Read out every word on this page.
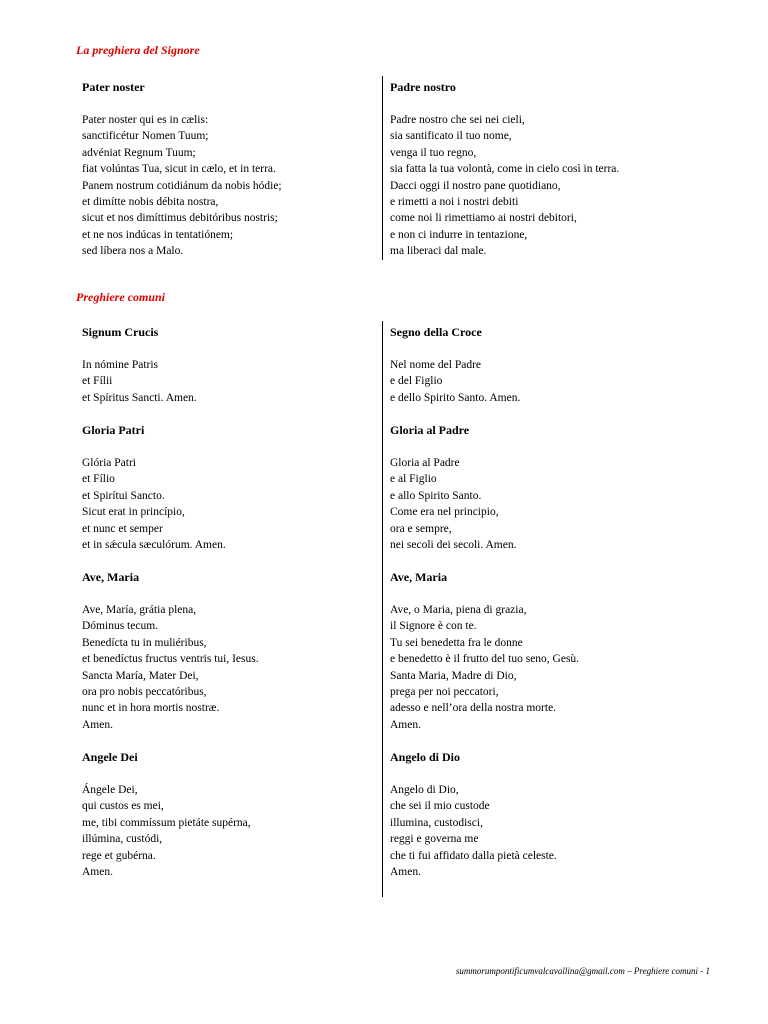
La preghiera del Signore
Pater noster
Pater noster qui es in cælis:
sanctificétur Nomen Tuum;
advéniat Regnum Tuum;
fiat volúntas Tua, sicut in cælo, et in terra.
Panem nostrum cotidiánum da nobis hódie;
et dimítte nobis débita nostra,
sicut et nos dimíttimus debitóribus nostris;
et ne nos indúcas in tentatiónem;
sed líbera nos a Malo.
Padre nostro
Padre nostro che sei nei cieli,
sia santificato il tuo nome,
venga il tuo regno,
sia fatta la tua volontà, come in cielo così in terra.
Dacci oggi il nostro pane quotidiano,
e rimetti a noi i nostri debiti
come noi li rimettiamo ai nostri debitori,
e non ci indurre in tentazione,
ma liberaci dal male.
Preghiere comuni
Signum Crucis
In nómine Patris
et Fílii
et Spíritus Sancti. Amen.
Segno della Croce
Nel nome del Padre
e del Figlio
e dello Spirito Santo. Amen.
Gloria Patri
Glória Patri
et Fílio
et Spirítui Sancto.
Sicut erat in princípio,
et nunc et semper
et in sǽcula sæculórum. Amen.
Gloria al Padre
Gloria al Padre
e al Figlio
e allo Spirito Santo.
Come era nel principio,
ora e sempre,
nei secoli dei secoli. Amen.
Ave, Maria
Ave, María, grátia plena,
Dóminus tecum.
Benedícta tu in muliéribus,
et benedíctus fructus ventris tui, Iesus.
Sancta María, Mater Dei,
ora pro nobis peccatóribus,
nunc et in hora mortis nostræ.
Amen.
Ave, Maria
Ave, o Maria, piena di grazia,
il Signore è con te.
Tu sei benedetta fra le donne
e benedetto è il frutto del tuo seno, Gesù.
Santa Maria, Madre di Dio,
prega per noi peccatori,
adesso e nell’ora della nostra morte.
Amen.
Angele Dei
Ángele Dei,
qui custos es mei,
me, tibi commíssum pietáte supérna,
illúmina, custódi,
rege et gubérna.
Amen.
Angelo di Dio
Angelo di Dio,
che sei il mio custode
illumina, custodisci,
reggi e governa me
che ti fui affidato dalla pietà celeste.
Amen.
summorumpontificumvalcavallina@gmail.com – Preghiere comuni - 1
